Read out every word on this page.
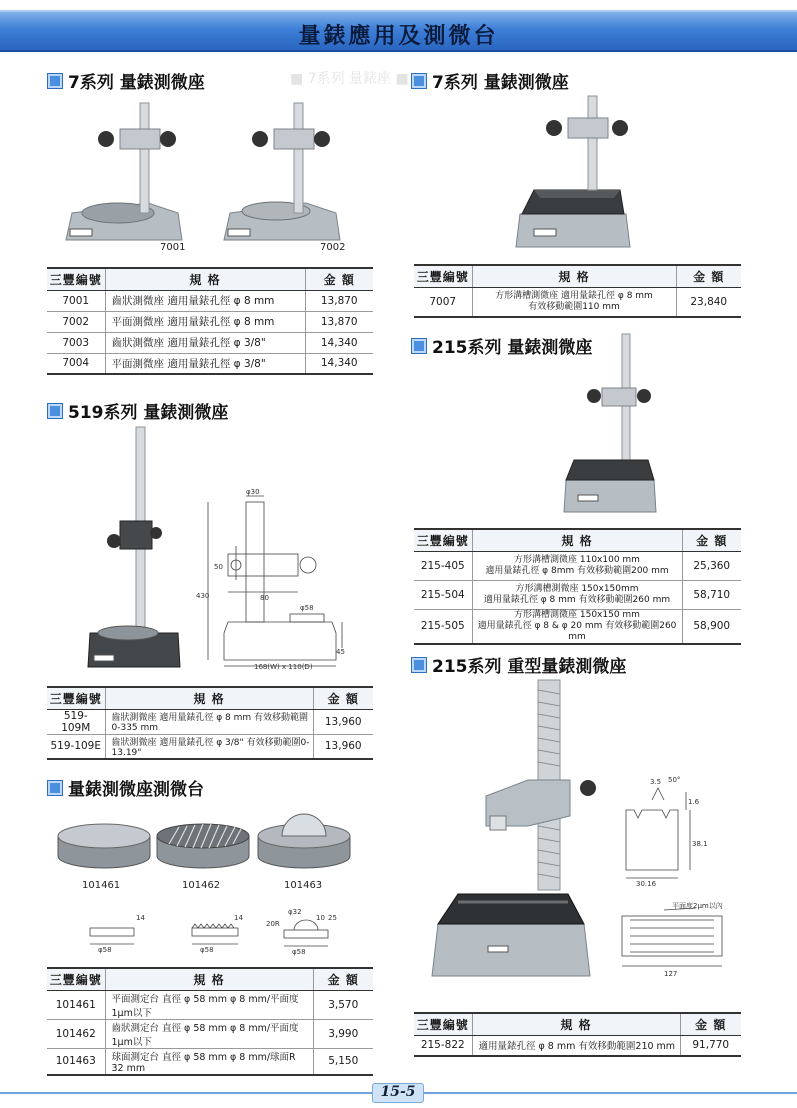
量錶應用及測微台
■ 7系列 量錶座 ■
7系列 量錶測微座
7001	7002
三豐編號	規 格	金 額
7001	齒狀測微座 適用量錶孔徑 φ 8 mm	13,870
7002	平面測微座 適用量錶孔徑 φ 8 mm	13,870
7003	齒狀測微座 適用量錶孔徑 φ 3/8"	14,340
7004	平面測微座 適用量錶孔徑 φ 3/8"	14,340
7系列 量錶測微座
三豐編號	規 格	金 額
7007	方形溝槽測微座 適用量錶孔徑 φ 8 mm
有效移動範圍110 mm	23,840
519系列 量錶測微座
φ30
50
80
φ58
430
45
168(W) x 110(D)
三豐編號	規 格	金 額
519-109M	齒狀測微座 適用量錶孔徑 φ 8 mm 有效移動範圍0-335 mm	13,960
519-109E	齒狀測微座 適用量錶孔徑 φ 3/8" 有效移動範圍0-13.19"	13,960
量錶測微座測微台
101461	101462	101463
φ58
14
φ58
14
φ32
20R
10 25
φ58
三豐編號	規 格	金 額
101461	平面測定台 直徑 φ 58 mm φ 8 mm/平面度1μm以下	3,570
101462	齒狀測定台 直徑 φ 58 mm φ 8 mm/平面度1μm以下	3,990
101463	球面測定台 直徑 φ 58 mm φ 8 mm/球面R 32 mm	5,150
215系列 量錶測微座
三豐編號	規 格	金 額
215-405	方形溝槽測微座 110x100 mm
適用量錶孔徑 φ 8mm 有效移動範圍200 mm	25,360
215-504	方形溝槽測微座 150x150mm
適用量錶孔徑 φ 8 mm 有效移動範圍260 mm	58,710
215-505	方形溝槽測微座 150x150 mm
適用量錶孔徑 φ 8 & φ 20 mm 有效移動範圍260 mm	58,900
215系列 重型量錶測微座
3.5 50°
1.6
38.1
30.16
平面度2μm以內
127
三豐編號	規 格	金 額
215-822	適用量錶孔徑 φ 8 mm 有效移動範圍210 mm	91,770
15-5
